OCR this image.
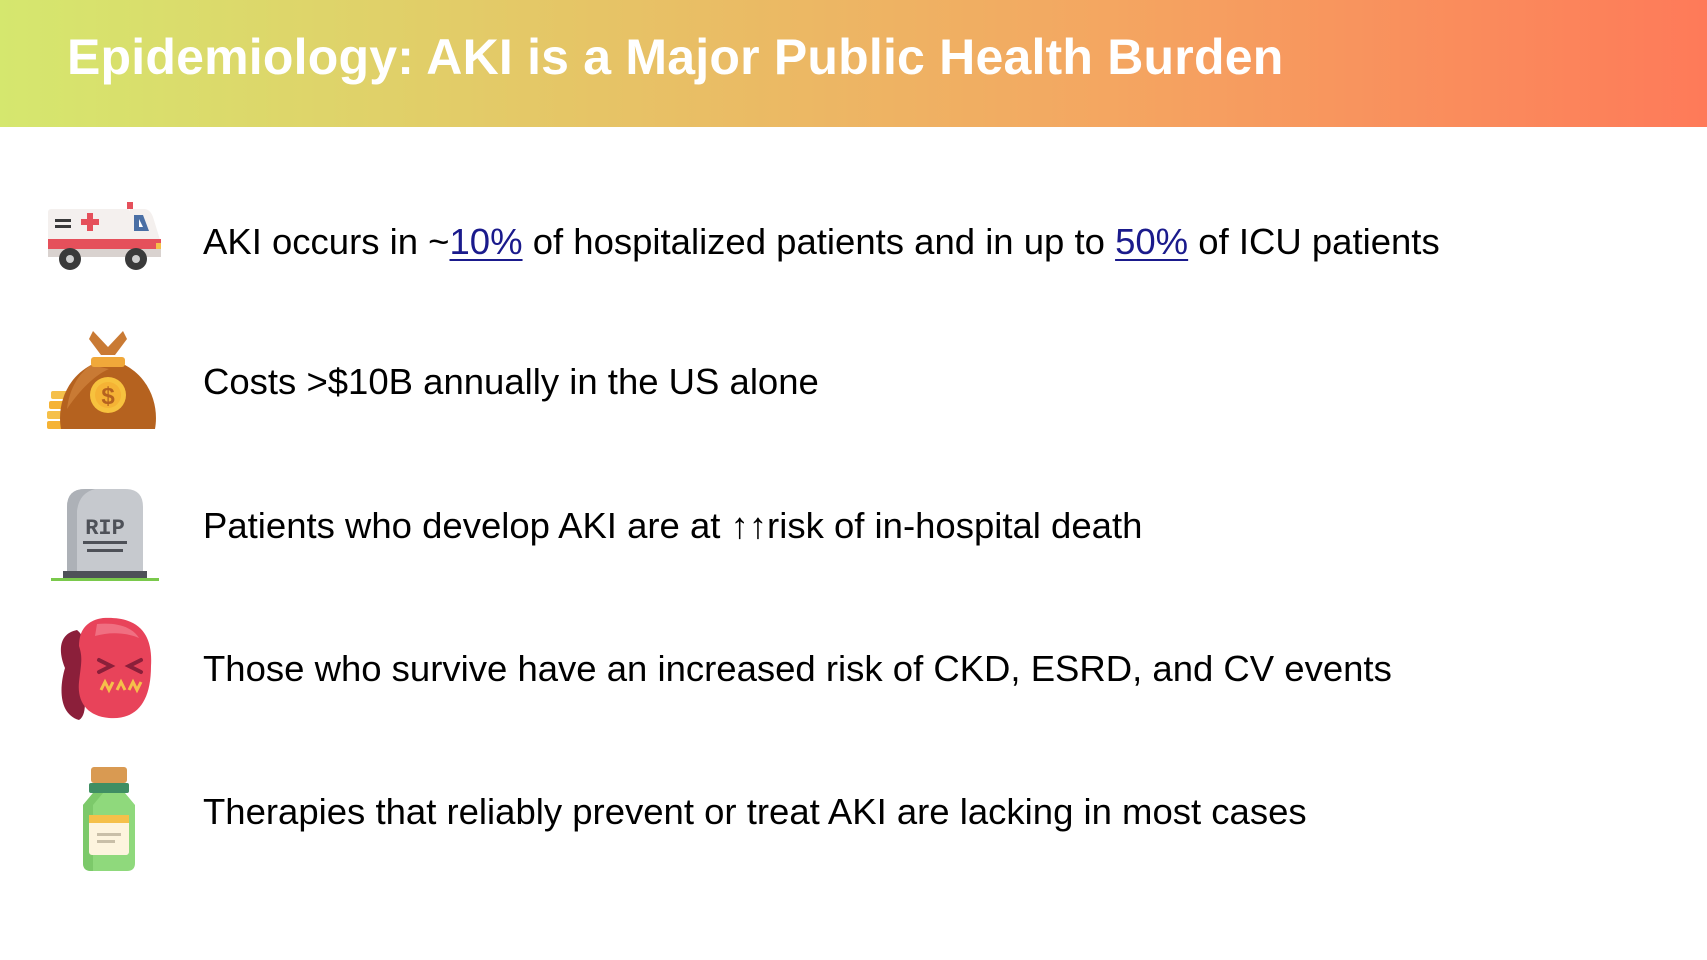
Epidemiology: AKI is a Major Public Health Burden
AKI occurs in ~10% of hospitalized patients and in up to 50% of ICU patients
$ Costs >$10B annually in the US alone
RIP Patients who develop AKI are at ↑↑risk of in-hospital death
Those who survive have an increased risk of CKD, ESRD, and CV events
Therapies that reliably prevent or treat AKI are lacking in most cases
